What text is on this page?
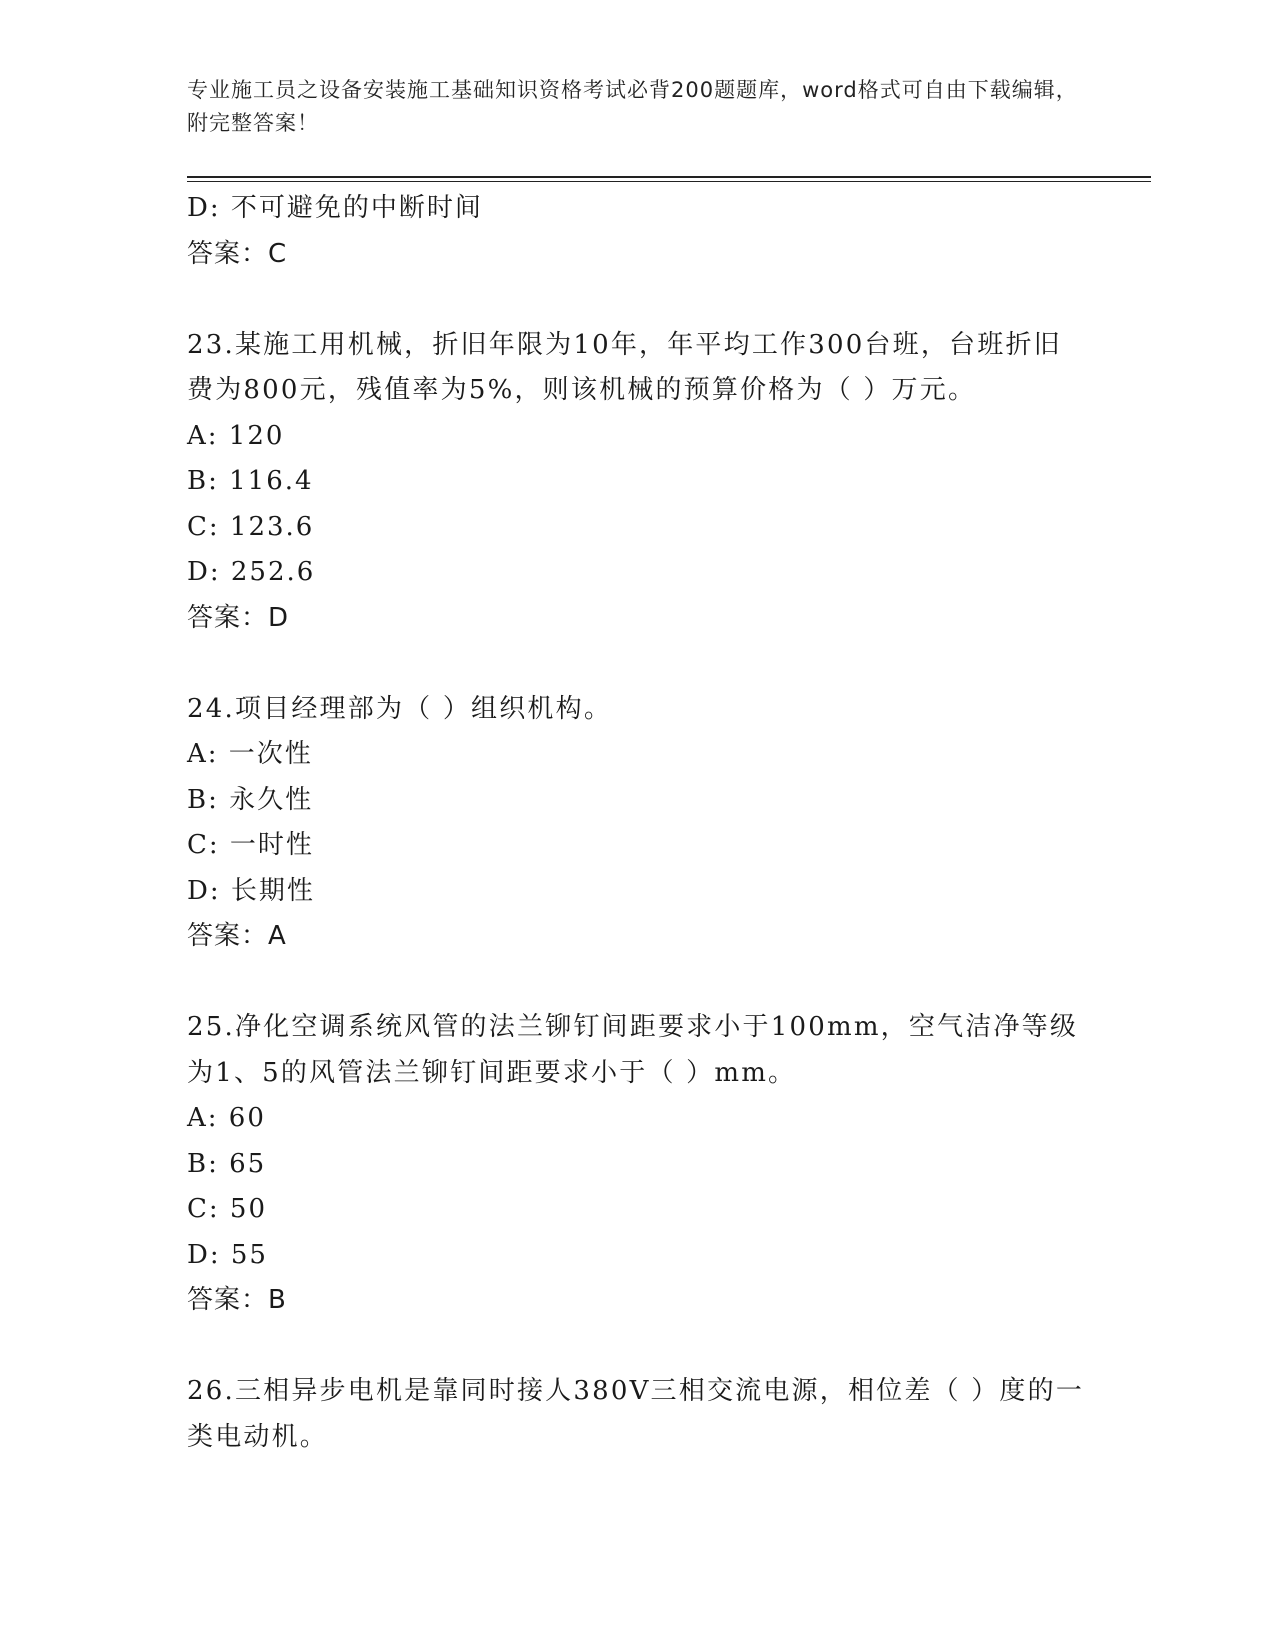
专业施工员之设备安装施工基础知识资格考试必背200题题库，word格式可自由下载编辑，附完整答案！
D: 不可避免的中断时间
答案：C
23.某施工用机械，折旧年限为10年，年平均工作300台班，台班折旧费为800元，残值率为5%，则该机械的预算价格为（ ）万元。
A: 120
B: 116.4
C: 123.6
D: 252.6
答案：D
24.项目经理部为（ ）组织机构。
A: 一次性
B: 永久性
C: 一时性
D: 长期性
答案：A
25.净化空调系统风管的法兰铆钉间距要求小于100mm，空气洁净等级为1、5的风管法兰铆钉间距要求小于（ ）mm。
A: 60
B: 65
C: 50
D: 55
答案：B
26.三相异步电机是靠同时接人380V三相交流电源，相位差（ ）度的一类电动机。
